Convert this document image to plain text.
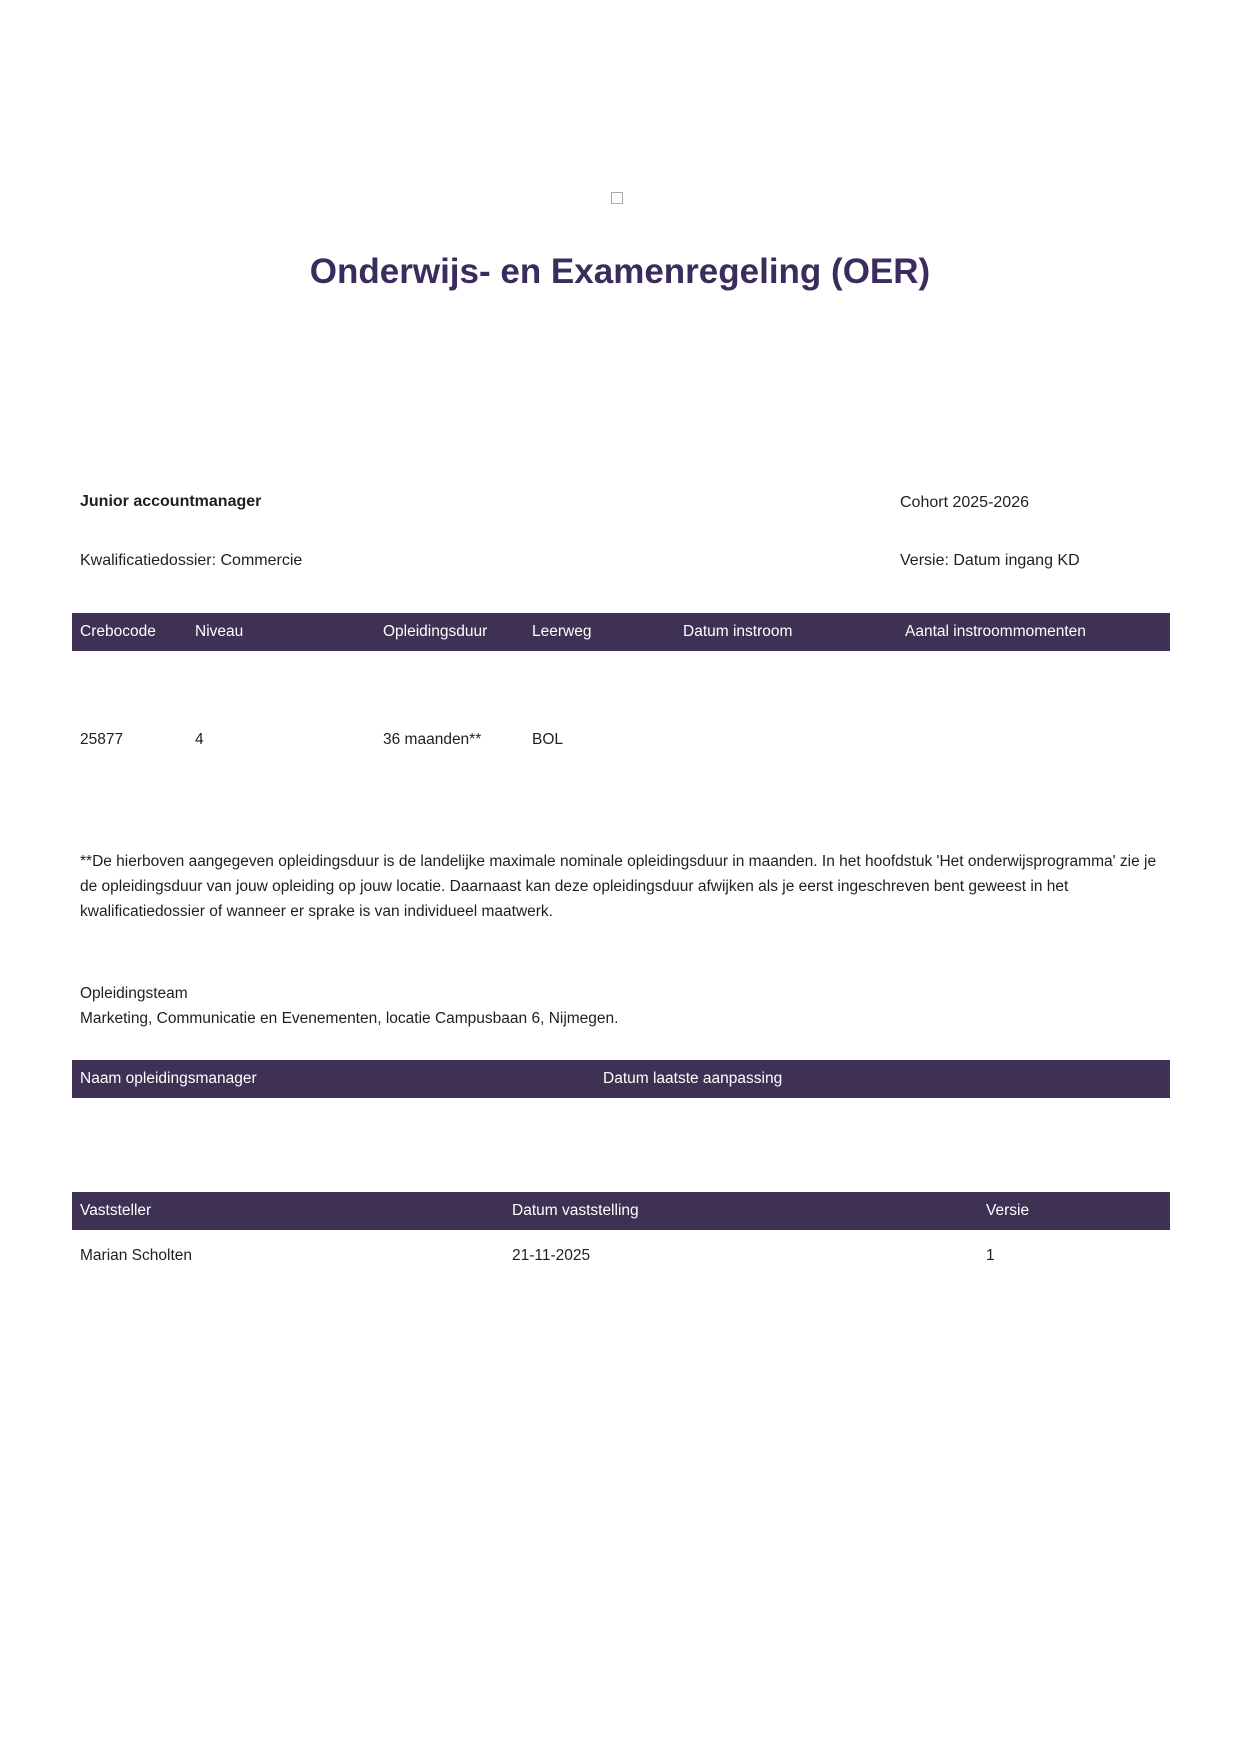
Onderwijs- en Examenregeling (OER)
Junior accountmanager	Cohort 2025-2026
Kwalificatiedossier: Commercie	Versie: Datum ingang KD
Crebocode	Niveau	Opleidingsduur	Leerweg	Datum instroom	Aantal instroommomenten
25877	4	36 maanden**	BOL
**De hierboven aangegeven opleidingsduur is de landelijke maximale nominale opleidingsduur in maanden. In het hoofdstuk 'Het onderwijsprogramma' zie je de opleidingsduur van jouw opleiding op jouw locatie. Daarnaast kan deze opleidingsduur afwijken als je eerst ingeschreven bent geweest in het kwalificatiedossier of wanneer er sprake is van individueel maatwerk.
Opleidingsteam
Marketing, Communicatie en Evenementen, locatie Campusbaan 6, Nijmegen.
Naam opleidingsmanager	Datum laatste aanpassing
Vaststeller	Datum vaststelling	Versie
Marian Scholten	21-11-2025	1
